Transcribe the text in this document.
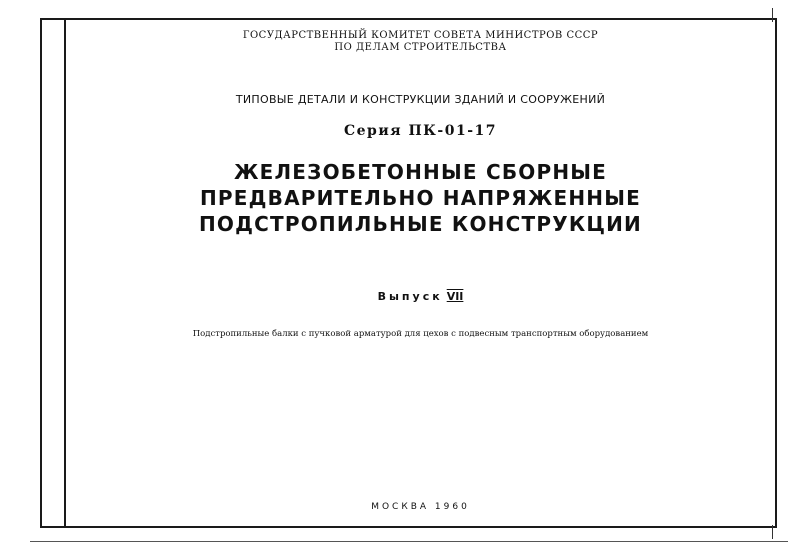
ГОСУДАРСТВЕННЫЙ КОМИТЕТ СОВЕТА МИНИСТРОВ СССР
ПО ДЕЛАМ СТРОИТЕЛЬСТВА
ТИПОВЫЕ ДЕТАЛИ И КОНСТРУКЦИИ ЗДАНИЙ И СООРУЖЕНИЙ
Серия ПК-01-17
ЖЕЛЕЗОБЕТОННЫЕ СБОРНЫЕ
ПРЕДВАРИТЕЛЬНО НАПРЯЖЕННЫЕ
ПОДСТРОПИЛЬНЫЕ КОНСТРУКЦИИ
Выпуск VII
Подстропильные балки с пучковой арматурой для цехов с подвесным транспортным оборудованием
МОСКВА 1960
